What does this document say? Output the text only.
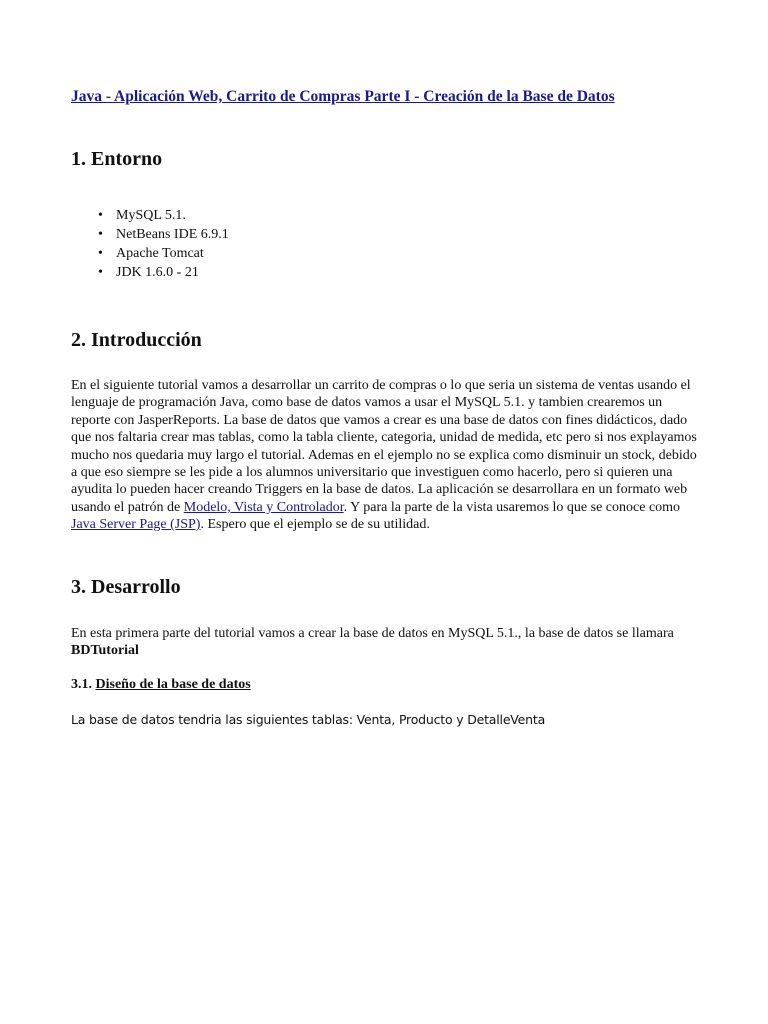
Java - Aplicación Web, Carrito de Compras Parte I - Creación de la Base de Datos
1. Entorno
• MySQL 5.1.
• NetBeans IDE 6.9.1
• Apache Tomcat
• JDK 1.6.0 - 21
2. Introducción

En el siguiente tutorial vamos a desarrollar un carrito de compras o lo que seria un sistema de ventas usando el lenguaje de programación Java, como base de datos vamos a usar el MySQL 5.1. y tambien crearemos un reporte con JasperReports. La base de datos que vamos a crear es una base de datos con fines didácticos, dado que nos faltaria crear mas tablas, como la tabla cliente, categoria, unidad de medida, etc pero si nos explayamos mucho nos quedaria muy largo el tutorial. Ademas en el ejemplo no se explica como disminuir un stock, debido a que eso siempre se les pide a los alumnos universitario que investiguen como hacerlo, pero si quieren una ayudita lo pueden hacer creando Triggers en la base de datos. La aplicación se desarrollara en un formato web usando el patrón de Modelo, Vista y Controlador. Y para la parte de la vista usaremos lo que se conoce como Java Server Page (JSP). Espero que el ejemplo se de su utilidad.

3. Desarrollo

En esta primera parte del tutorial vamos a crear la base de datos en MySQL 5.1., la base de datos se llamara BDTutorial

3.1. Diseño de la base de datos

La base de datos tendria las siguientes tablas: Venta, Producto y DetalleVenta
